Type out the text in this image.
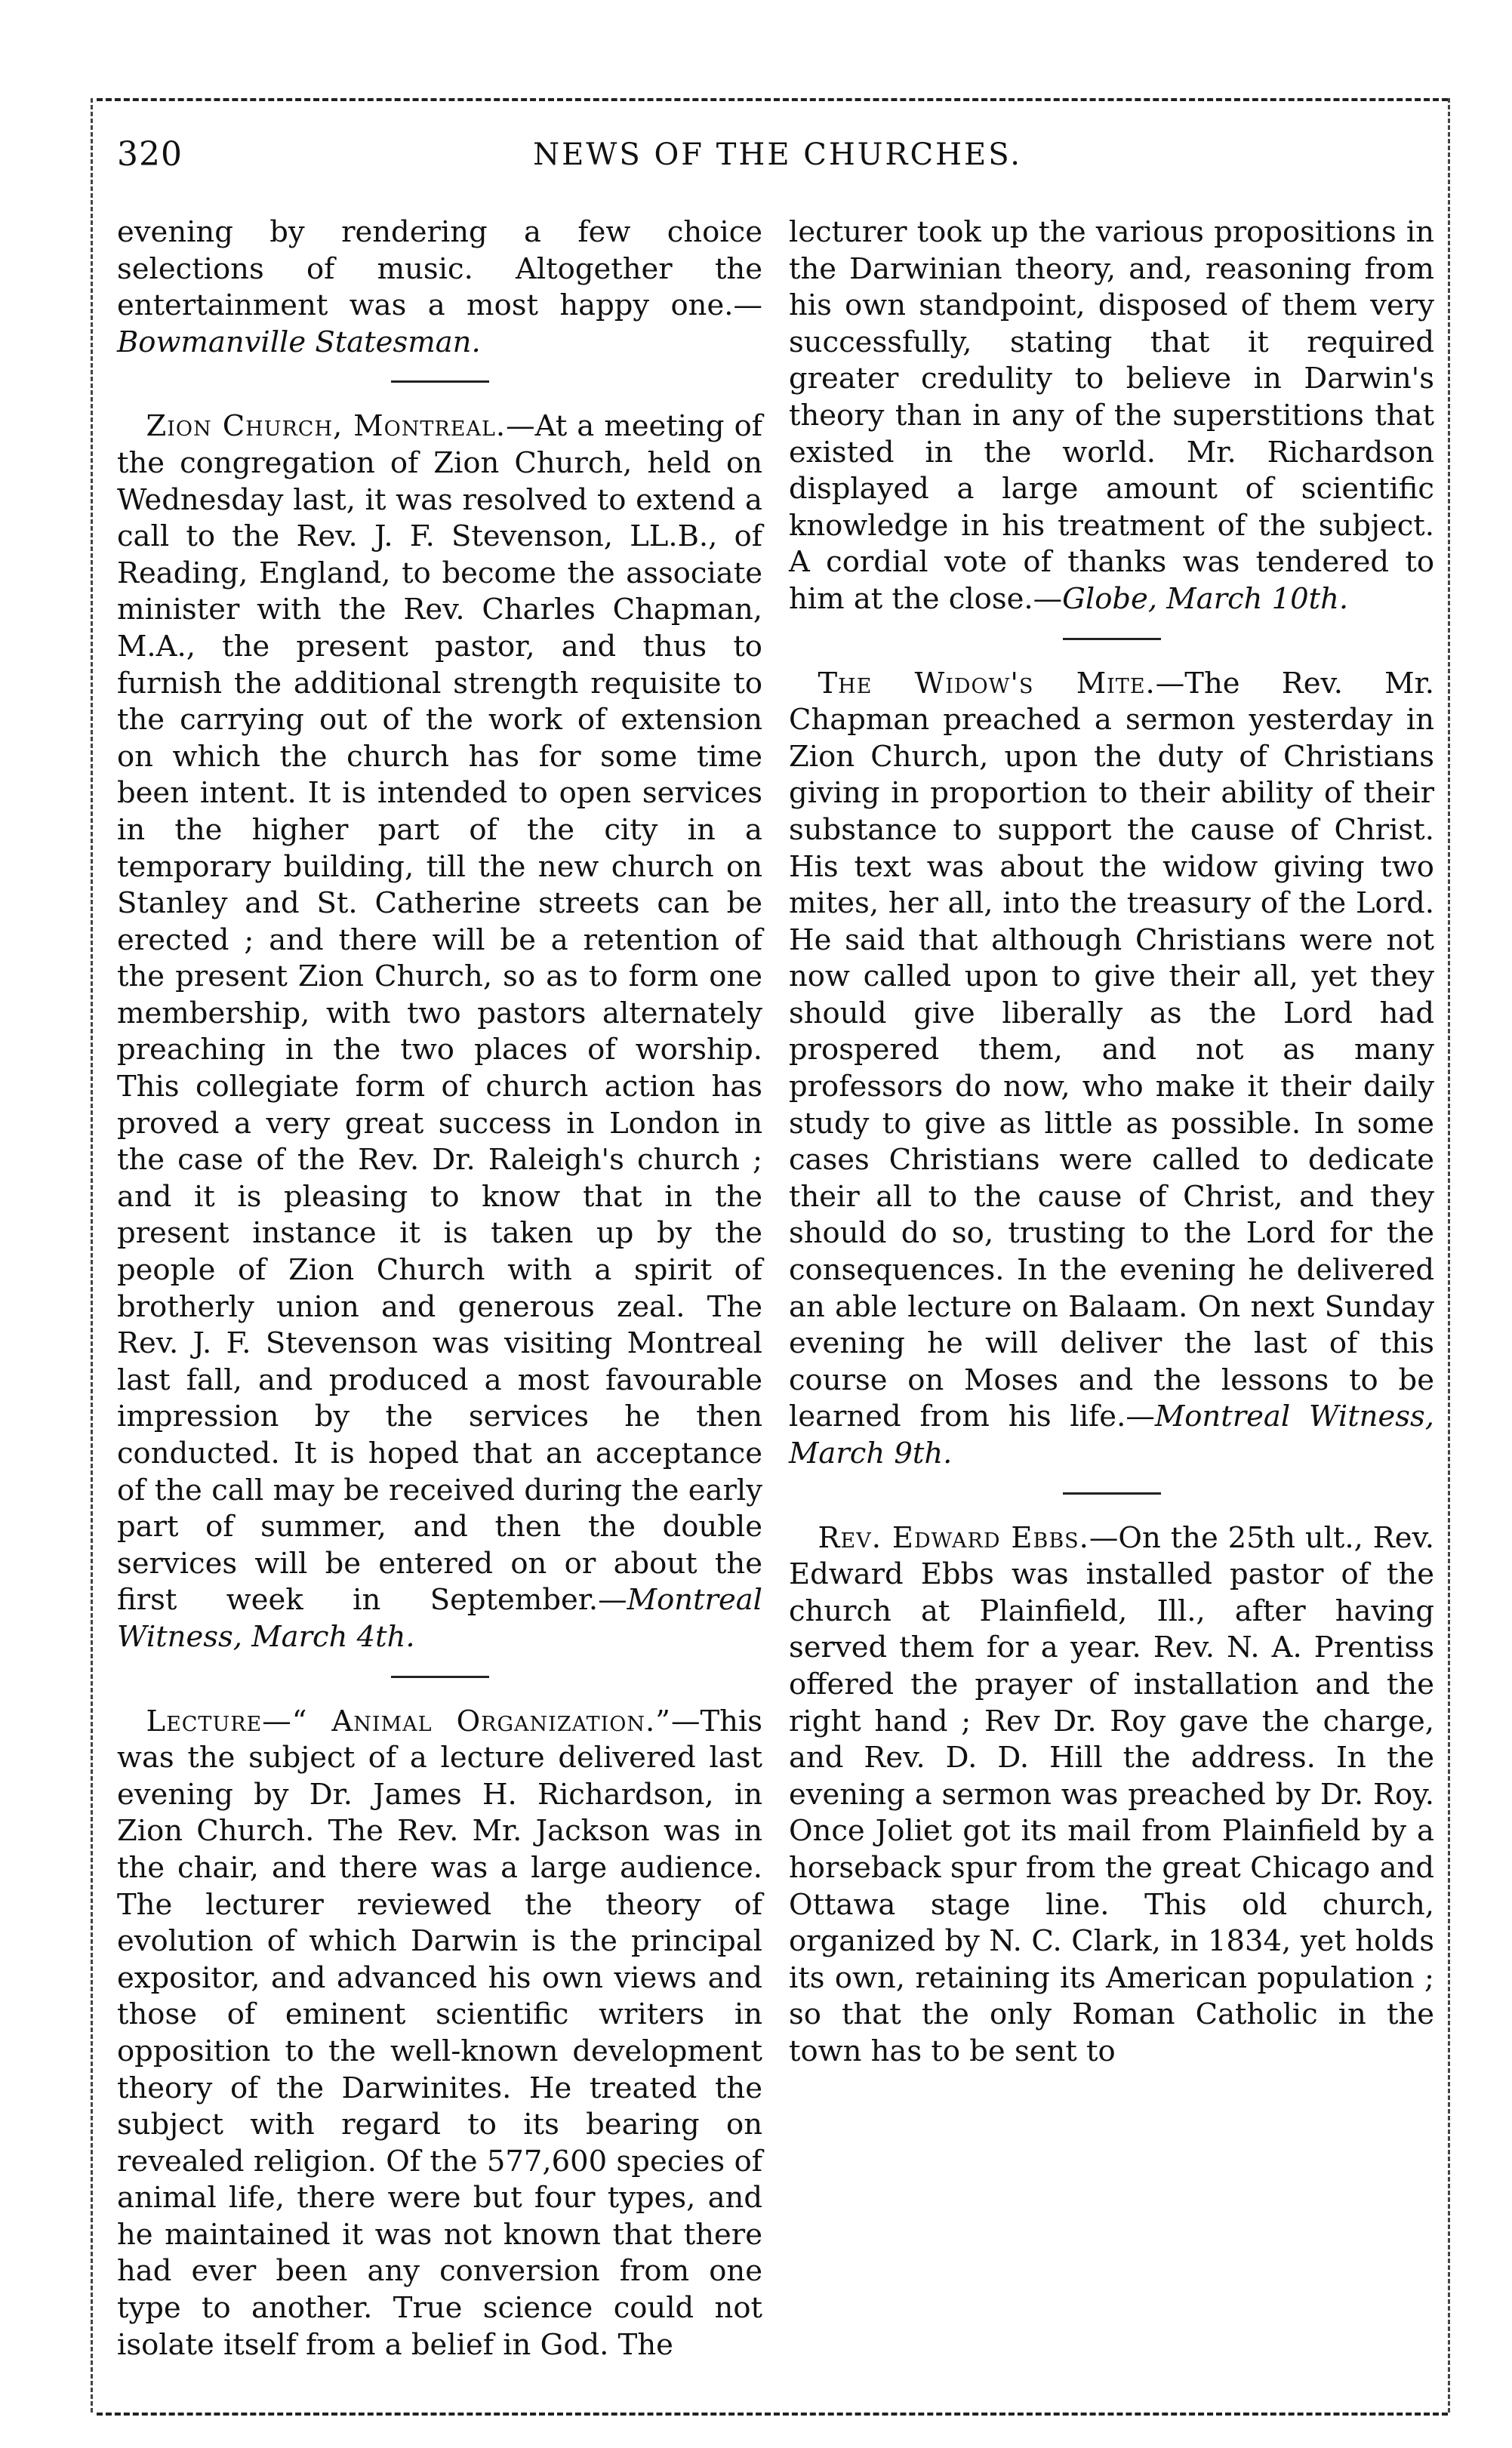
NEWS OF THE CHURCHES.
320

evening by rendering a few choice selections of music. Altogether the entertainment was a most happy one.—Bowmanville Statesman.

 Zion Church, Montreal.—At a meeting of the congregation of Zion Church, held on Wednesday last, it was resolved to extend a call to the Rev. J. F. Stevenson, LL.B., of Reading, England, to become the associate minister with the Rev. Charles Chapman, M.A., the present pastor, and thus to furnish the additional strength requisite to the carrying out of the work of extension on which the church has for some time been intent. It is intended to open services in the higher part of the city in a temporary building, till the new church on Stanley and St. Catherine streets can be erected ; and there will be a retention of the present Zion Church, so as to form one membership, with two pastors alternately preaching in the two places of worship. This collegiate form of church action has proved a very great success in London in the case of the Rev. Dr. Raleigh's church ; and it is pleasing to know that in the present instance it is taken up by the people of Zion Church with a spirit of brotherly union and generous zeal. The Rev. J. F. Stevenson was visiting Montreal last fall, and produced a most favourable impression by the services he then conducted. It is hoped that an acceptance of the call may be received during the early part of summer, and then the double services will be entered on or about the first week in September.—Montreal Witness, March 4th.

 Lecture—“ Animal Organization.”—This was the subject of a lecture delivered last evening by Dr. James H. Richardson, in Zion Church. The Rev. Mr. Jackson was in the chair, and there was a large audience. The lecturer reviewed the theory of evolution of which Darwin is the principal expositor, and advanced his own views and those of eminent scientific writers in opposition to the well-known development theory of the Darwinites. He treated the subject with regard to its bearing on revealed religion. Of the 577,600 species of animal life, there were but four types, and he maintained it was not known that there had ever been any conversion from one type to another. True science could not isolate itself from a belief in God. The

lecturer took up the various propositions in the Darwinian theory, and, reasoning from his own standpoint, disposed of them very successfully, stating that it required greater credulity to believe in Darwin's theory than in any of the superstitions that existed in the world. Mr. Richardson displayed a large amount of scientific knowledge in his treatment of the subject. A cordial vote of thanks was tendered to him at the close.—Globe, March 10th.

 The Widow's Mite.—The Rev. Mr. Chapman preached a sermon yesterday in Zion Church, upon the duty of Christians giving in proportion to their ability of their substance to support the cause of Christ. His text was about the widow giving two mites, her all, into the treasury of the Lord. He said that although Christians were not now called upon to give their all, yet they should give liberally as the Lord had prospered them, and not as many professors do now, who make it their daily study to give as little as possible. In some cases Christians were called to dedicate their all to the cause of Christ, and they should do so, trusting to the Lord for the consequences. In the evening he delivered an able lecture on Balaam. On next Sunday evening he will deliver the last of this course on Moses and the lessons to be learned from his life.—Montreal Witness, March 9th.

 Rev. Edward Ebbs.—On the 25th ult., Rev. Edward Ebbs was installed pastor of the church at Plainfield, Ill., after having served them for a year. Rev. N. A. Prentiss offered the prayer of installation and the right hand ; Rev Dr. Roy gave the charge, and Rev. D. D. Hill the address. In the evening a sermon was preached by Dr. Roy. Once Joliet got its mail from Plainfield by a horseback spur from the great Chicago and Ottawa stage line. This old church, organized by N. C. Clark, in 1834, yet holds its own, retaining its American population ; so that the only Roman Catholic in the town has to be sent to
